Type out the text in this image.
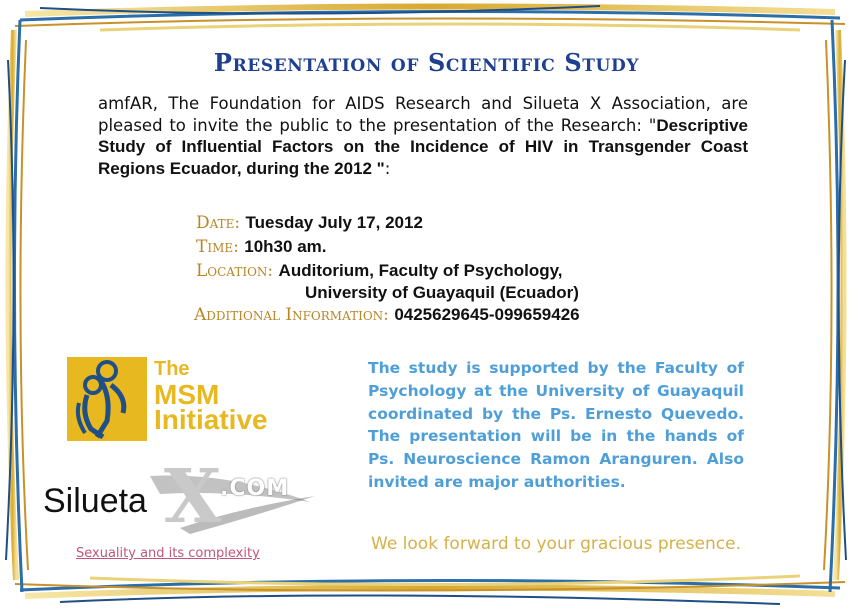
Presentation of Scientific Study

amfAR, The Foundation for AIDS Research and Silueta X Association, are pleased to invite the public to the presentation of the Research: "Descriptive Study of Influential Factors on the Incidence of HIV in Transgender Coast Regions Ecuador, during the 2012 ":

Date: Tuesday July 17, 2012
Time: 10h30 am.
Location: Auditorium, Faculty of Psychology,
University of Guayaquil (Ecuador)
Additional Information: 0425629645-099659426
The
MSM
Initiative
X
Silueta	.COM
Sexuality and its complexity

The study is supported by the Faculty of Psychology at the University of Guayaquil coordinated by the Ps. Ernesto Quevedo. The presentation will be in the hands of Ps. Neuroscience Ramon Aranguren. Also invited are major authorities.

We look forward to your gracious presence.
